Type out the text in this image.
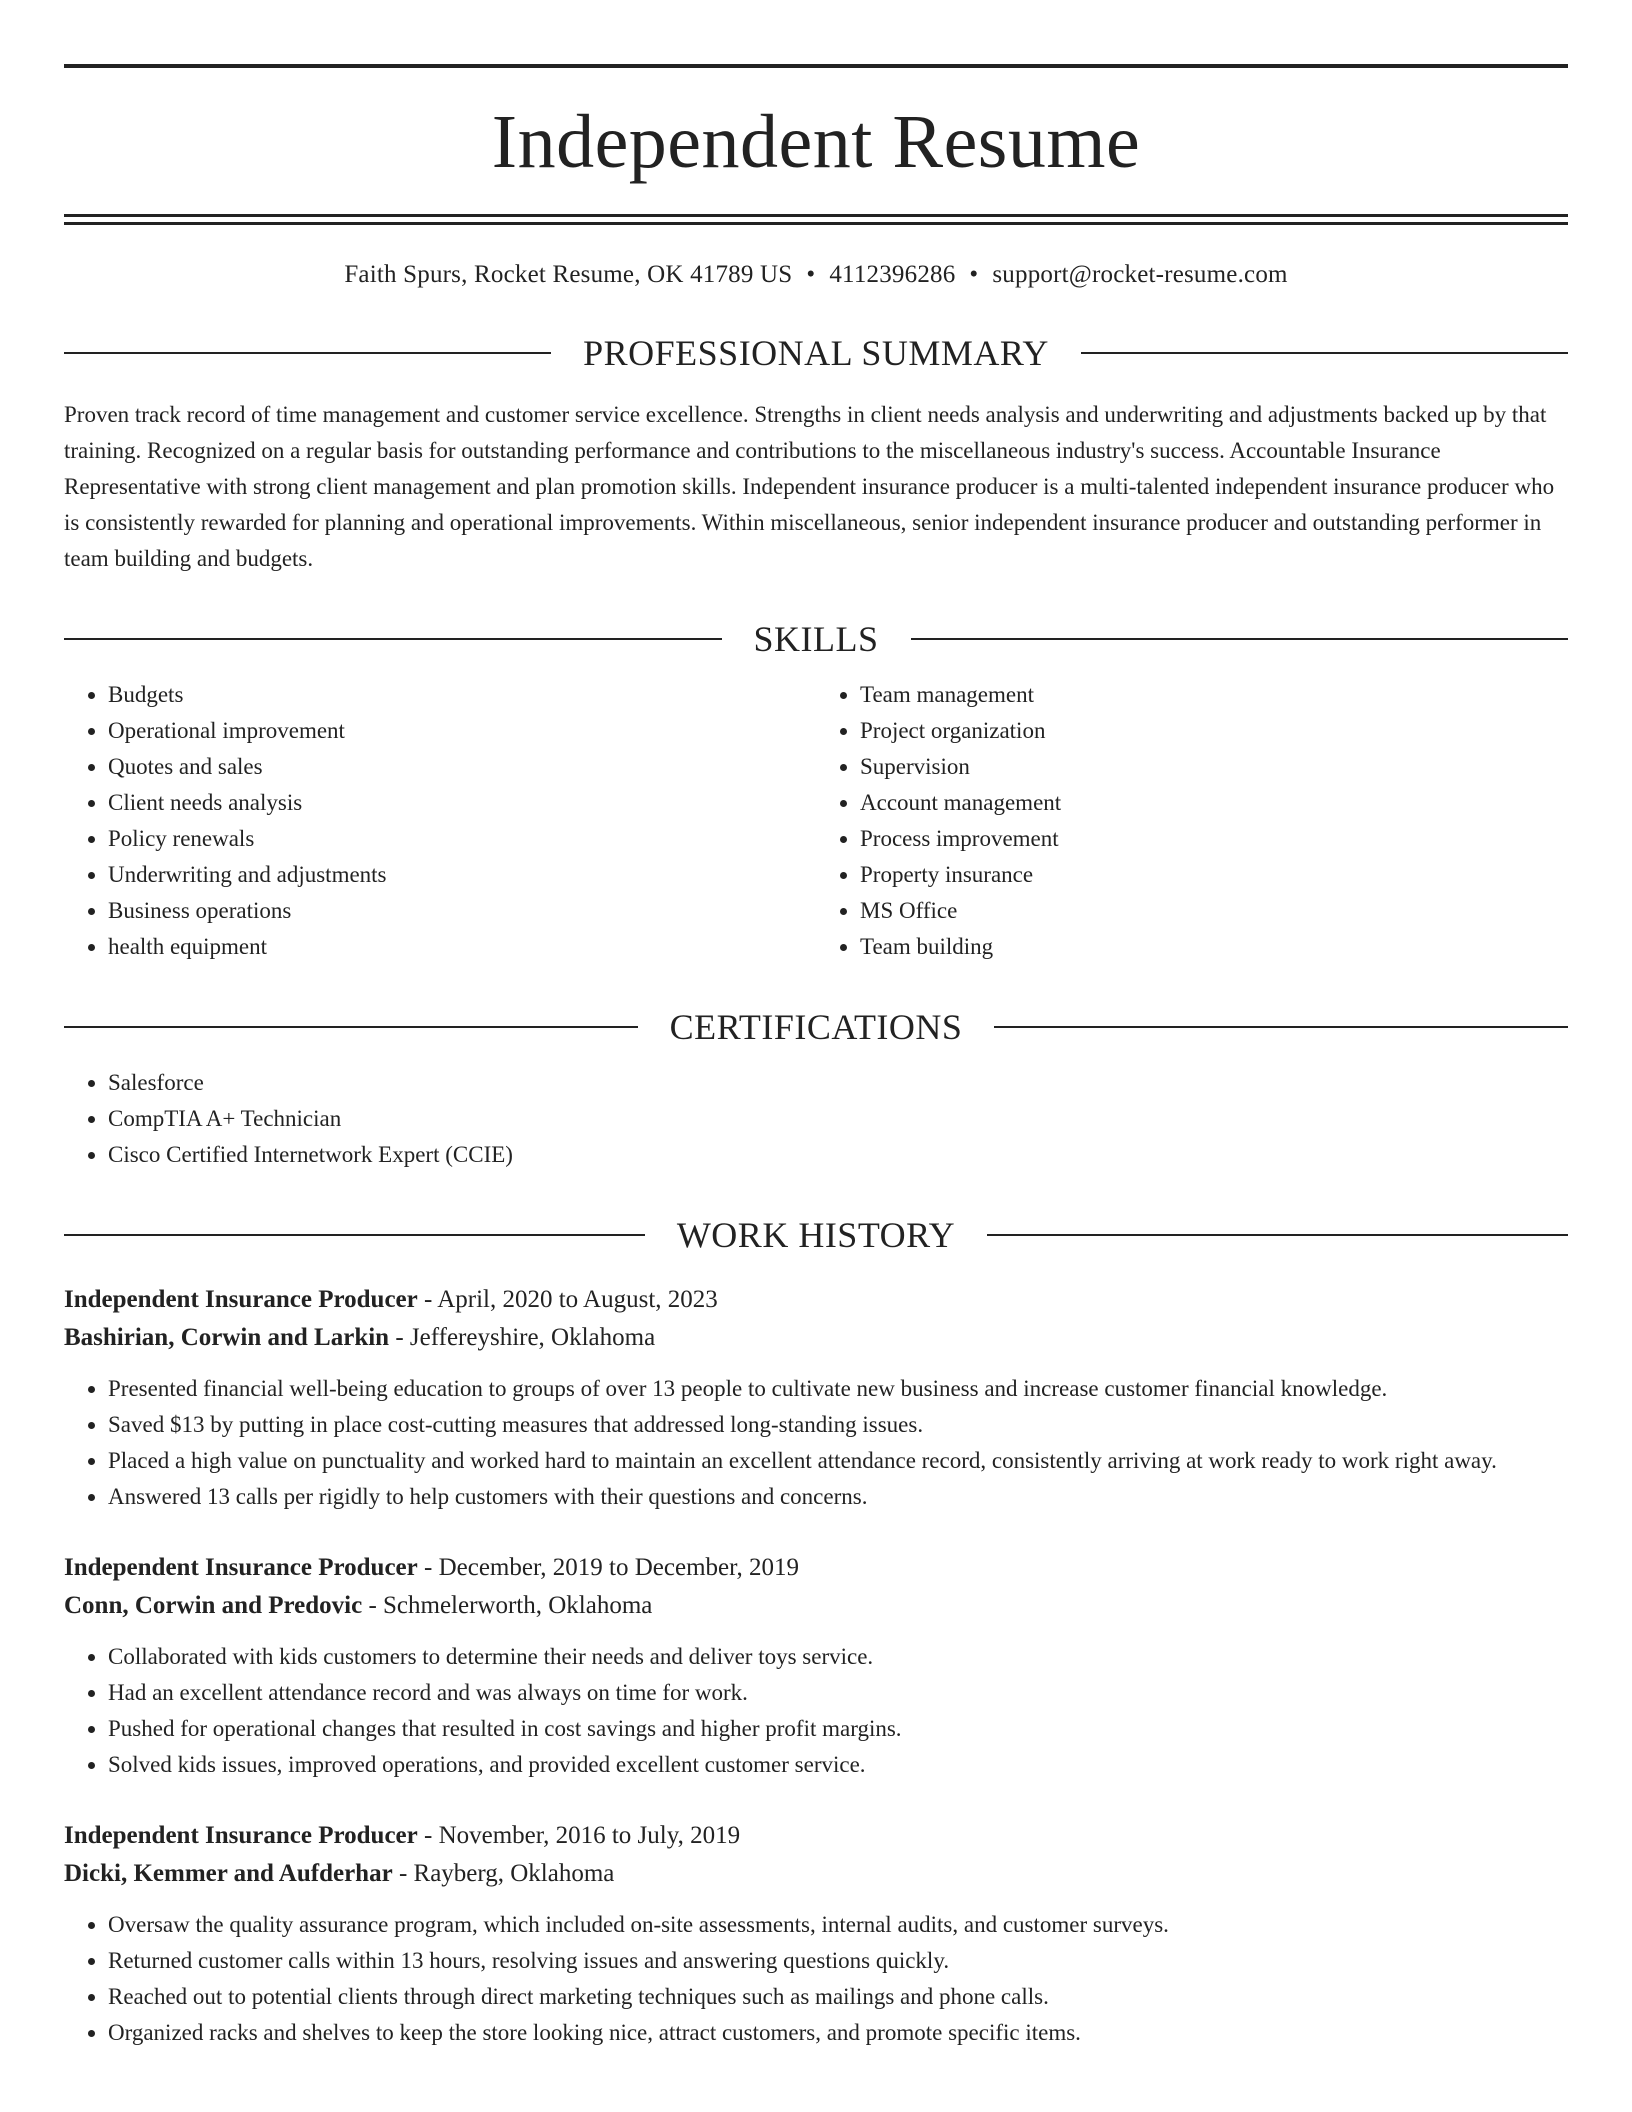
Independent Resume
Faith Spurs, Rocket Resume, OK 41789 US • 4112396286 • support@rocket-resume.com
PROFESSIONAL SUMMARY

Proven track record of time management and customer service excellence. Strengths in client needs analysis and underwriting and adjustments backed up by that training. Recognized on a regular basis for outstanding performance and contributions to the miscellaneous industry's success. Accountable Insurance Representative with strong client management and plan promotion skills. Independent insurance producer is a multi-talented independent insurance producer who is consistently rewarded for planning and operational improvements. Within miscellaneous, senior independent insurance producer and outstanding performer in team building and budgets.

SKILLS
• Budgets
• Operational improvement
• Quotes and sales
• Client needs analysis
• Policy renewals
• Underwriting and adjustments
• Business operations
• health equipment
• Team management
• Project organization
• Supervision
• Account management
• Process improvement
• Property insurance
• MS Office
• Team building
CERTIFICATIONS
• Salesforce
• CompTIA A+ Technician
• Cisco Certified Internetwork Expert (CCIE)
WORK HISTORY
Independent Insurance Producer - April, 2020 to August, 2023
Bashirian, Corwin and Larkin - Jeffereyshire, Oklahoma
• Presented financial well-being education to groups of over 13 people to cultivate new business and increase customer financial knowledge.
• Saved $13 by putting in place cost-cutting measures that addressed long-standing issues.
• Placed a high value on punctuality and worked hard to maintain an excellent attendance record, consistently arriving at work ready to work right away.
• Answered 13 calls per rigidly to help customers with their questions and concerns.
Independent Insurance Producer - December, 2019 to December, 2019
Conn, Corwin and Predovic - Schmelerworth, Oklahoma
• Collaborated with kids customers to determine their needs and deliver toys service.
• Had an excellent attendance record and was always on time for work.
• Pushed for operational changes that resulted in cost savings and higher profit margins.
• Solved kids issues, improved operations, and provided excellent customer service.
Independent Insurance Producer - November, 2016 to July, 2019
Dicki, Kemmer and Aufderhar - Rayberg, Oklahoma
• Oversaw the quality assurance program, which included on-site assessments, internal audits, and customer surveys.
• Returned customer calls within 13 hours, resolving issues and answering questions quickly.
• Reached out to potential clients through direct marketing techniques such as mailings and phone calls.
• Organized racks and shelves to keep the store looking nice, attract customers, and promote specific items.
